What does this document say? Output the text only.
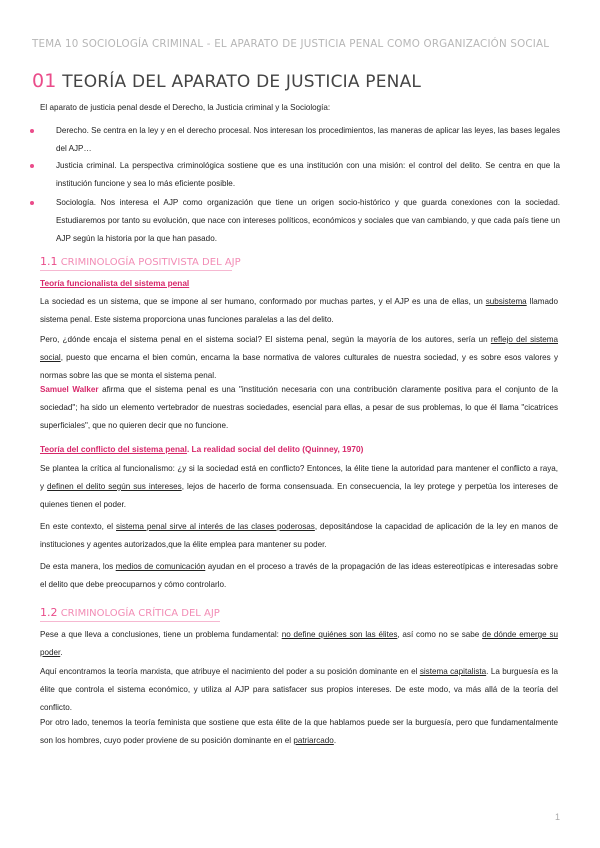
TEMA 10 SOCIOLOGÍA CRIMINAL - EL APARATO DE JUSTICIA PENAL COMO ORGANIZACIÓN SOCIAL
01 TEORÍA DEL APARATO DE JUSTICIA PENAL
El aparato de justicia penal desde el Derecho, la Justicia criminal y la Sociología:
Derecho. Se centra en la ley y en el derecho procesal. Nos interesan los procedimientos, las maneras de aplicar las leyes, las bases legales del AJP…
Justicia criminal. La perspectiva criminológica sostiene que es una institución con una misión: el control del delito. Se centra en que la institución funcione y sea lo más eficiente posible.
Sociología. Nos interesa el AJP como organización que tiene un origen socio-histórico y que guarda conexiones con la sociedad. Estudiaremos por tanto su evolución, que nace con intereses políticos, económicos y sociales que van cambiando, y que cada país tiene un AJP según la historia por la que han pasado.
1.1 CRIMINOLOGÍA POSITIVISTA DEL AJP
Teoría funcionalista del sistema penal
La sociedad es un sistema, que se impone al ser humano, conformado por muchas partes, y el AJP es una de ellas, un subsistema llamado sistema penal. Este sistema proporciona unas funciones paralelas a las del delito.
Pero, ¿dónde encaja el sistema penal en el sistema social? El sistema penal, según la mayoría de los autores, sería un reflejo del sistema social, puesto que encarna el bien común, encarna la base normativa de valores culturales de nuestra sociedad, y es sobre esos valores y normas sobre las que se monta el sistema penal.
Samuel Walker afirma que el sistema penal es una "institución necesaria con una contribución claramente positiva para el conjunto de la sociedad"; ha sido un elemento vertebrador de nuestras sociedades, esencial para ellas, a pesar de sus problemas, lo que él llama "cicatrices superficiales", que no quieren decir que no funcione.
Teoría del conflicto del sistema penal. La realidad social del delito (Quinney, 1970)
Se plantea la crítica al funcionalismo: ¿y si la sociedad está en conflicto? Entonces, la élite tiene la autoridad para mantener el conflicto a raya, y definen el delito según sus intereses, lejos de hacerlo de forma consensuada. En consecuencia, la ley protege y perpetúa los intereses de quienes tienen el poder.
En este contexto, el sistema penal sirve al interés de las clases poderosas, depositándose la capacidad de aplicación de la ley en manos de instituciones y agentes autorizados,que la élite emplea para mantener su poder.
De esta manera, los medios de comunicación ayudan en el proceso a través de la propagación de las ideas estereotípicas e interesadas sobre el delito que debe preocuparnos y cómo controlarlo.
1.2 CRIMINOLOGÍA CRÍTICA DEL AJP
Pese a que lleva a conclusiones, tiene un problema fundamental: no define quiénes son las élites, así como no se sabe de dónde emerge su poder.
Aquí encontramos la teoría marxista, que atribuye el nacimiento del poder a su posición dominante en el sistema capitalista. La burguesía es la élite que controla el sistema económico, y utiliza al AJP para satisfacer sus propios intereses. De este modo, va más allá de la teoría del conflicto.
Por otro lado, tenemos la teoría feminista que sostiene que esta élite de la que hablamos puede ser la burguesía, pero que fundamentalmente son los hombres, cuyo poder proviene de su posición dominante en el patriarcado.
1
